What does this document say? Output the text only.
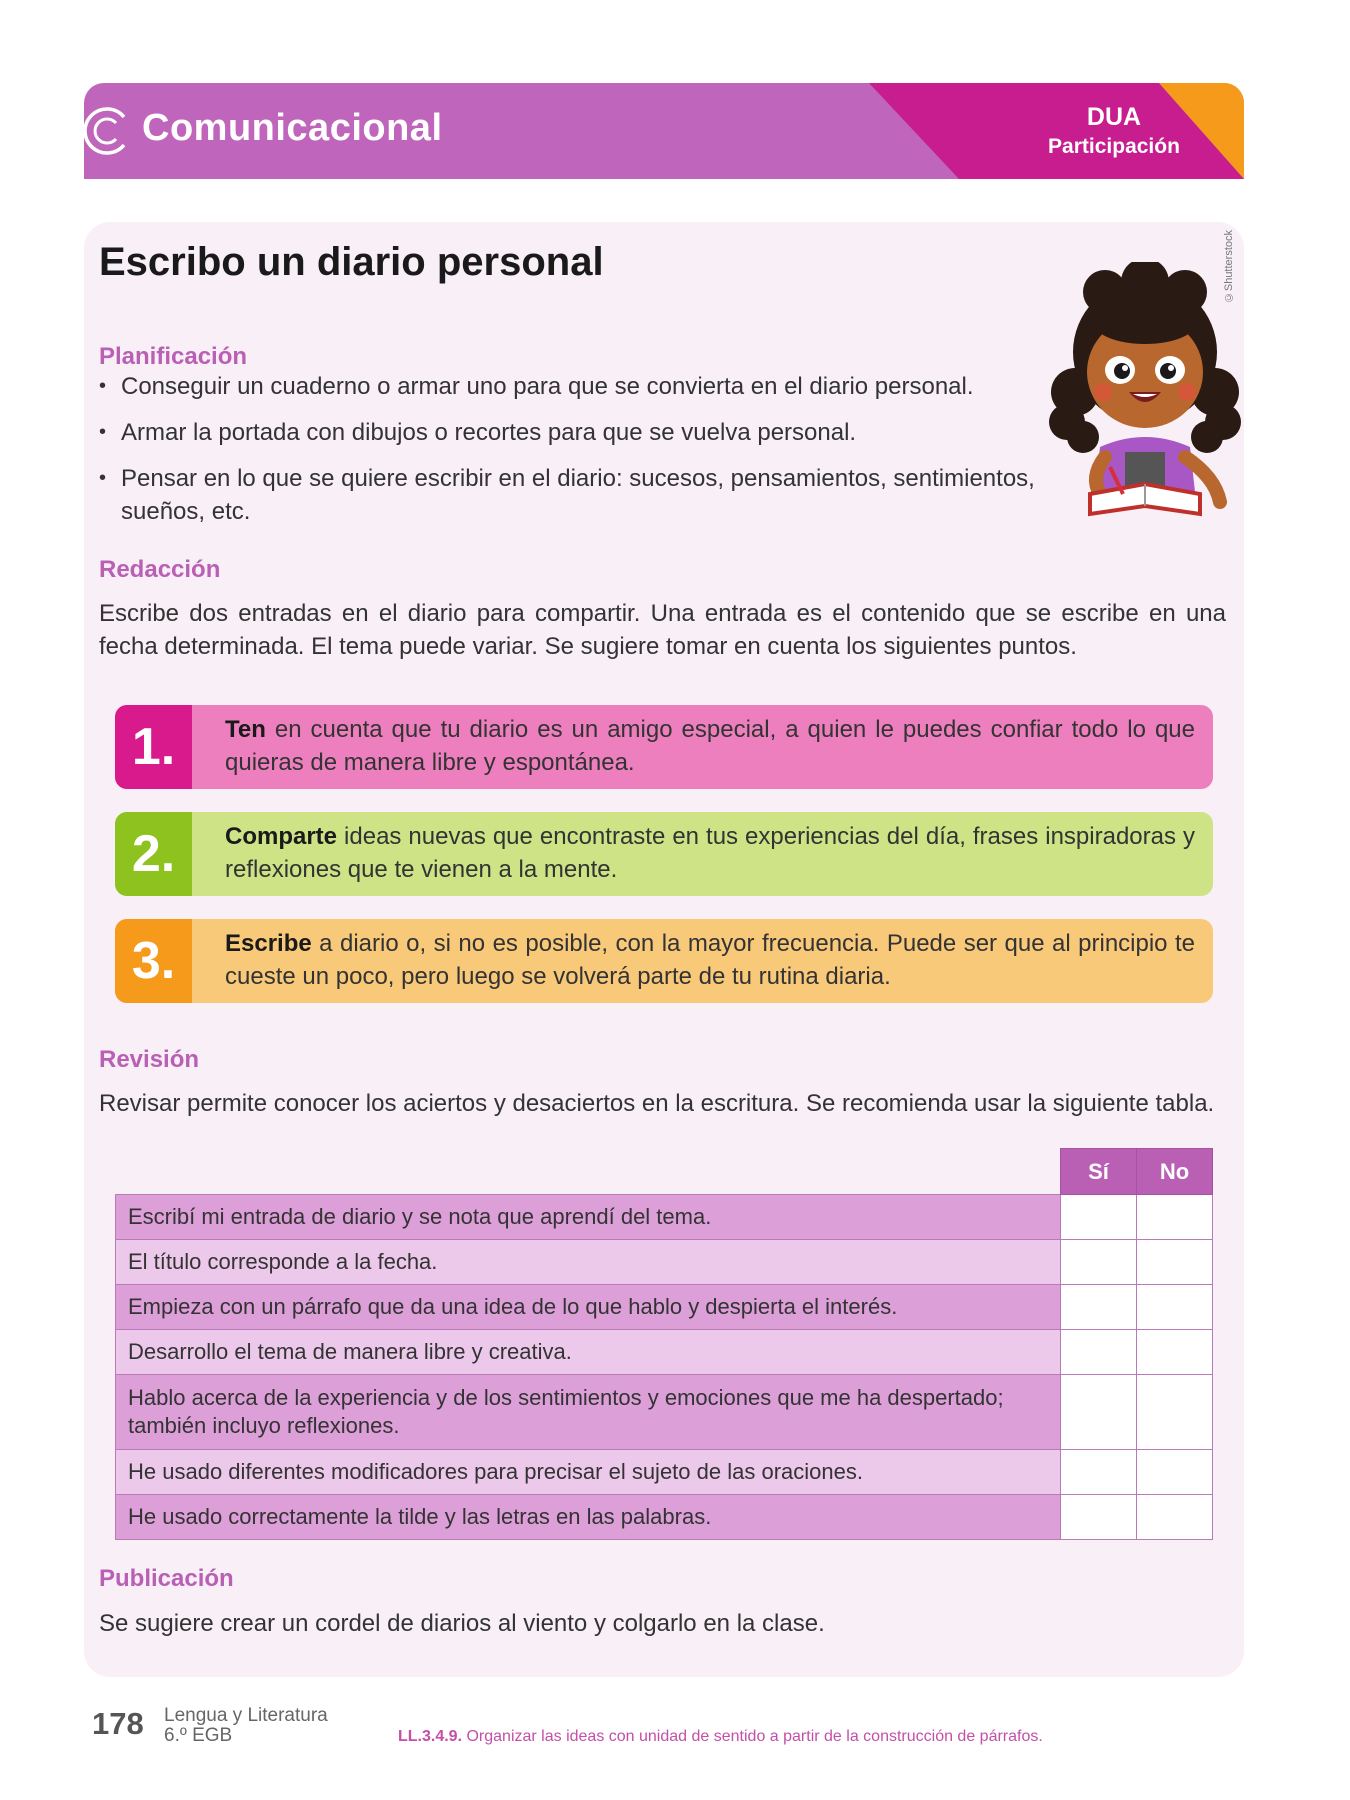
Comunicacional	DUA
Participación
Escribo un diario personal	©Shutterstock
Planificación
• Conseguir un cuaderno o armar uno para que se convierta en el diario personal.
• Armar la portada con dibujos o recortes para que se vuelva personal.
• Pensar en lo que se quiere escribir en el diario: sucesos, pensamientos, sentimientos, sueños, etc.
Redacción
Escribe dos entradas en el diario para compartir. Una entrada es el contenido que se escribe en una fecha determinada. El tema puede variar. Se sugiere tomar en cuenta los siguientes puntos.
1.	Ten en cuenta que tu diario es un amigo especial, a quien le puedes confiar todo lo que quieras de manera libre y espontánea.
2.	Comparte ideas nuevas que encontraste en tus experiencias del día, frases inspiradoras y reflexiones que te vienen a la mente.
3.	Escribe a diario o, si no es posible, con la mayor frecuencia. Puede ser que al principio te cueste un poco, pero luego se volverá parte de tu rutina diaria.
Revisión
Revisar permite conocer los aciertos y desaciertos en la escritura. Se recomienda usar la siguiente tabla.
	Sí	No
Escribí mi entrada de diario y se nota que aprendí del tema.		
El título corresponde a la fecha.		
Empieza con un párrafo que da una idea de lo que hablo y despierta el interés.		
Desarrollo el tema de manera libre y creativa.		
Hablo acerca de la experiencia y de los sentimientos y emociones que me ha despertado; también incluyo reflexiones.		
He usado diferentes modificadores para precisar el sujeto de las oraciones.		
He usado correctamente la tilde y las letras en las palabras.		
Publicación
Se sugiere crear un cordel de diarios al viento y colgarlo en la clase.
178 Lengua y Literatura
6.º EGB	LL.3.4.9. Organizar las ideas con unidad de sentido a partir de la construcción de párrafos.
